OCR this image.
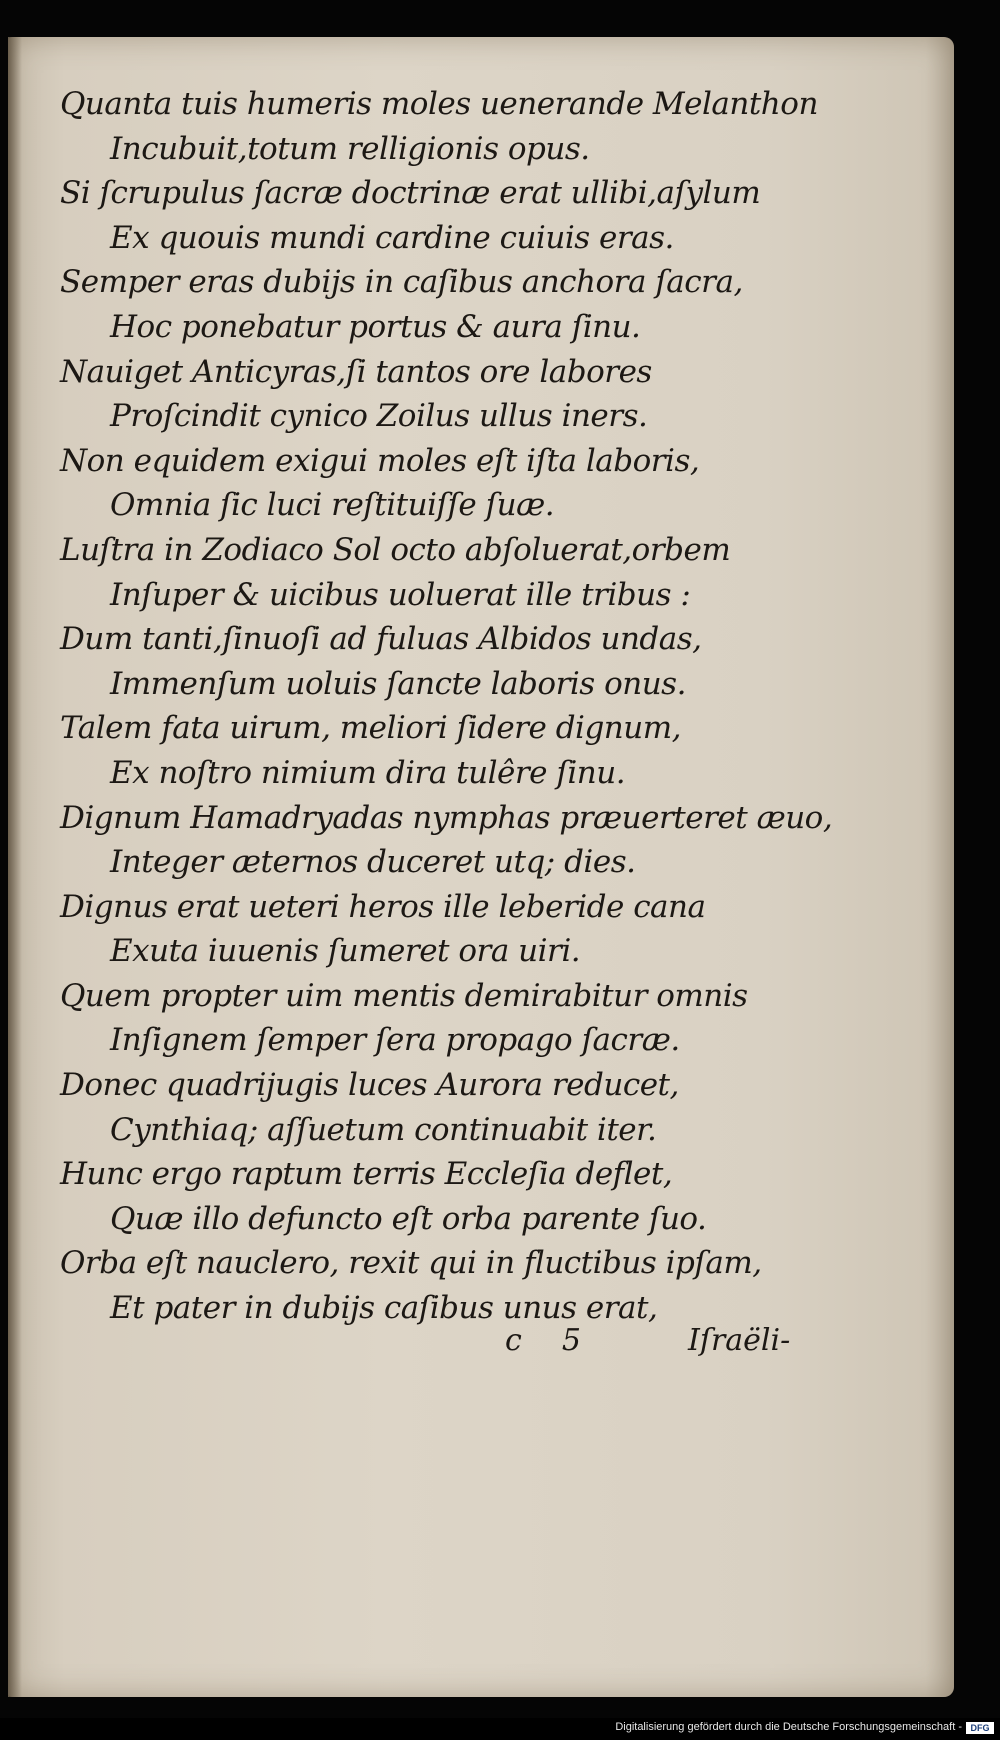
Quanta tuis humeris moles uenerande Melanthon
Incubuit,totum relligionis opus.
Si ſcrupulus ſacræ doctrinæ erat ullibi,aſylum
Ex quouis mundi cardine cuiuis eras.
Semper eras dubijs in caſibus anchora ſacra,
Hoc ponebatur portus & aura ſinu.
Nauiget Anticyras,ſi tantos ore labores
Proſcindit cynico Zoilus ullus iners.
Non equidem exigui moles eſt iſta laboris,
Omnia ſic luci reſtituiſſe ſuæ.
Luſtra in Zodiaco Sol octo abſoluerat,orbem
Inſuper & uicibus uoluerat ille tribus :
Dum tanti,ſinuoſi ad fuluas Albidos undas,
Immenſum uoluis ſancte laboris onus.
Talem fata uirum, meliori ſidere dignum,
Ex noſtro nimium dira tulêre ſinu.
Dignum Hamadryadas nymphas præuerteret æuo,
Integer æternos duceret utq; dies.
Dignus erat ueteri heros ille leberide cana
Exuta iuuenis ſumeret ora uiri.
Quem propter uim mentis demirabitur omnis
Inſignem ſemper ſera propago ſacræ.
Donec quadrijugis luces Aurora reducet,
Cynthiaq; aſſuetum continuabit iter.
Hunc ergo raptum terris Eccleſia deflet,
Quæ illo defuncto eſt orba parente ſuo.
Orba eſt nauclero, rexit qui in fluctibus ipſam,
Et pater in dubijs caſibus unus erat,
c 5	Iſraëli-
Digitalisierung gefördert durch die Deutsche Forschungsgemeinschaft - DFG
